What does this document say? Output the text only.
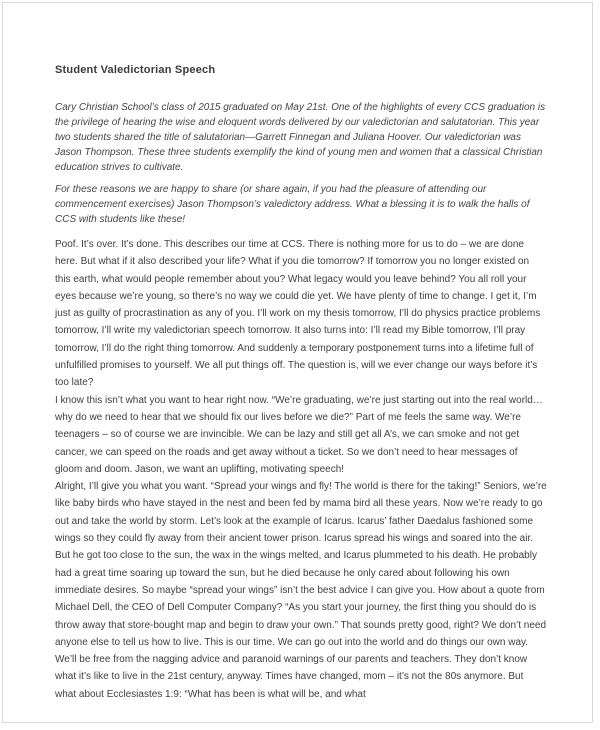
Student Valedictorian Speech

Cary Christian School’s class of 2015 graduated on May 21st. One of the highlights of every CCS graduation is the privilege of hearing the wise and eloquent words delivered by our valedictorian and salutatorian. This year two students shared the title of salutatorian—Garrett Finnegan and Juliana Hoover. Our valedictorian was Jason Thompson. These three students exemplify the kind of young men and women that a classical Christian education strives to cultivate.

For these reasons we are happy to share (or share again, if you had the pleasure of attending our commencement exercises) Jason Thompson’s valedictory address. What a blessing it is to walk the halls of CCS with students like these!

Poof. It’s over. It’s done. This describes our time at CCS. There is nothing more for us to do – we are done here. But what if it also described your life? What if you die tomorrow? If tomorrow you no longer existed on this earth, what would people remember about you? What legacy would you leave behind? You all roll your eyes because we’re young, so there’s no way we could die yet. We have plenty of time to change. I get it, I’m just as guilty of procrastination as any of you. I’ll work on my thesis tomorrow, I’ll do physics practice problems tomorrow, I’ll write my valedictorian speech tomorrow. It also turns into: I’ll read my Bible tomorrow, I’ll pray tomorrow, I’ll do the right thing tomorrow. And suddenly a temporary postponement turns into a lifetime full of unfulfilled promises to yourself. We all put things off. The question is, will we ever change our ways before it’s too late?

I know this isn’t what you want to hear right now. “We’re graduating, we’re just starting out into the real world… why do we need to hear that we should fix our lives before we die?” Part of me feels the same way. We’re teenagers – so of course we are invincible. We can be lazy and still get all A’s, we can smoke and not get cancer, we can speed on the roads and get away without a ticket. So we don’t need to hear messages of gloom and doom. Jason, we want an uplifting, motivating speech!

Alright, I’ll give you what you want. “Spread your wings and fly! The world is there for the taking!” Seniors, we’re like baby birds who have stayed in the nest and been fed by mama bird all these years. Now we’re ready to go out and take the world by storm. Let’s look at the example of Icarus. Icarus’ father Daedalus fashioned some wings so they could fly away from their ancient tower prison. Icarus spread his wings and soared into the air. But he got too close to the sun, the wax in the wings melted, and Icarus plummeted to his death. He probably had a great time soaring up toward the sun, but he died because he only cared about following his own immediate desires. So maybe “spread your wings” isn’t the best advice I can give you. How about a quote from Michael Dell, the CEO of Dell Computer Company? “As you start your journey, the first thing you should do is throw away that store-bought map and begin to draw your own.” That sounds pretty good, right? We don’t need anyone else to tell us how to live. This is our time. We can go out into the world and do things our own way. We’ll be free from the nagging advice and paranoid warnings of our parents and teachers. They don’t know what it’s like to live in the 21st century, anyway. Times have changed, mom – it’s not the 80s anymore. But what about Ecclesiastes 1:9: “What has been is what will be, and what
